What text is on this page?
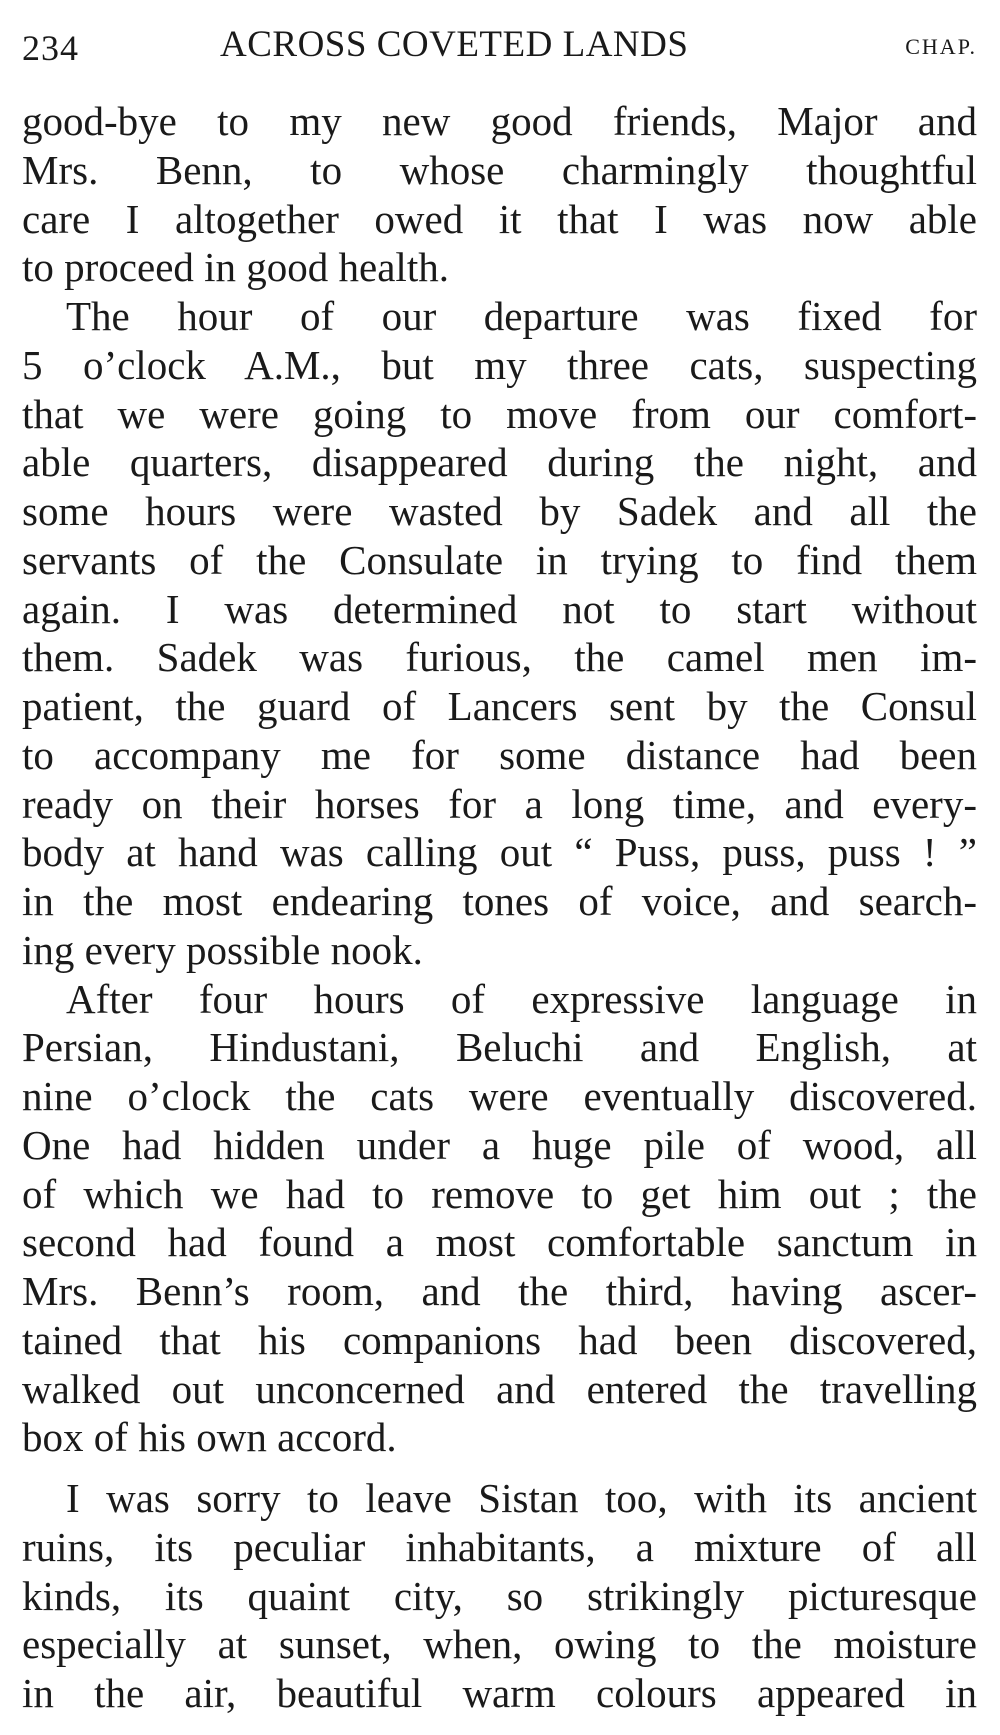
234	ACROSS COVETED LANDS	CHAP.
good-bye to my new good friends, Major and
Mrs. Benn, to whose charmingly thoughtful
care I altogether owed it that I was now able
to proceed in good health.
The hour of our departure was fixed for
5 o’clock A.M., but my three cats, suspecting
that we were going to move from our comfort-
able quarters, disappeared during the night, and
some hours were wasted by Sadek and all the
servants of the Consulate in trying to find them
again. I was determined not to start without
them. Sadek was furious, the camel men im-
patient, the guard of Lancers sent by the Consul
to accompany me for some distance had been
ready on their horses for a long time, and every-
body at hand was calling out “ Puss, puss, puss ! ”
in the most endearing tones of voice, and search-
ing every possible nook.
After four hours of expressive language in
Persian, Hindustani, Beluchi and English, at
nine o’clock the cats were eventually discovered.
One had hidden under a huge pile of wood, all
of which we had to remove to get him out ; the
second had found a most comfortable sanctum in
Mrs. Benn’s room, and the third, having ascer-
tained that his companions had been discovered,
walked out unconcerned and entered the travelling
box of his own accord.
I was sorry to leave Sistan too, with its ancient
ruins, its peculiar inhabitants, a mixture of all
kinds, its quaint city, so strikingly picturesque
especially at sunset, when, owing to the moisture
in the air, beautiful warm colours appeared in
